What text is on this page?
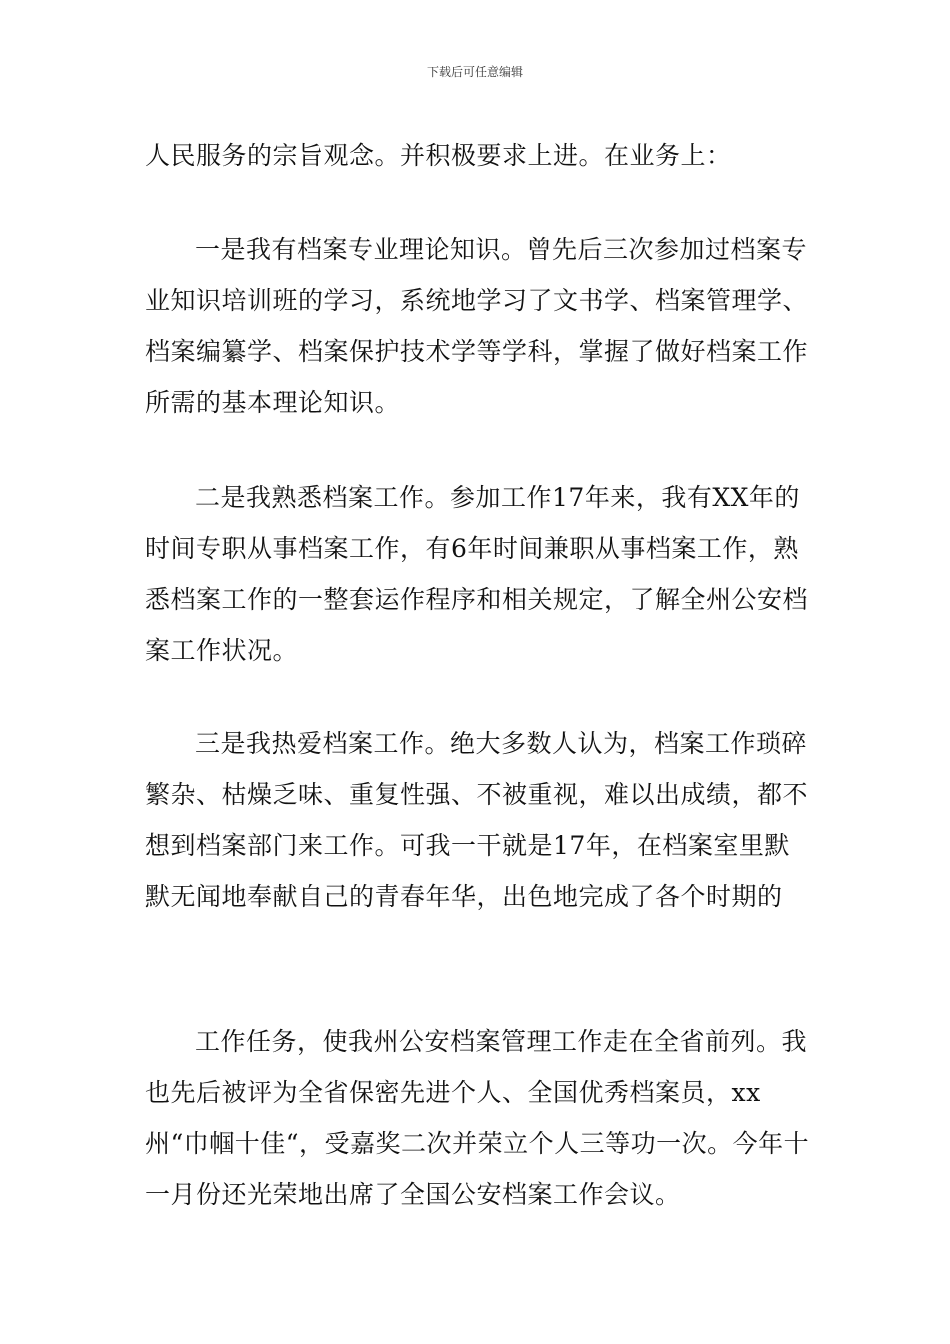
下载后可任意编辑

人民服务的宗旨观念。并积极要求上进。在业务上：

一是我有档案专业理论知识。曾先后三次参加过档案专业知识培训班的学习，系统地学习了文书学、档案管理学、档案编纂学、档案保护技术学等学科，掌握了做好档案工作所需的基本理论知识。

二是我熟悉档案工作。参加工作17年来，我有XX年的时间专职从事档案工作，有6年时间兼职从事档案工作，熟悉档案工作的一整套运作程序和相关规定，了解全州公安档案工作状况。

三是我热爱档案工作。绝大多数人认为，档案工作琐碎繁杂、枯燥乏味、重复性强、不被重视，难以出成绩，都不想到档案部门来工作。可我一干就是17年，在档案室里默默无闻地奉献自己的青春年华，出色地完成了各个时期的

工作任务，使我州公安档案管理工作走在全省前列。我也先后被评为全省保密先进个人、全国优秀档案员，xx州“巾帼十佳“，受嘉奖二次并荣立个人三等功一次。今年十一月份还光荣地出席了全国公安档案工作会议。
